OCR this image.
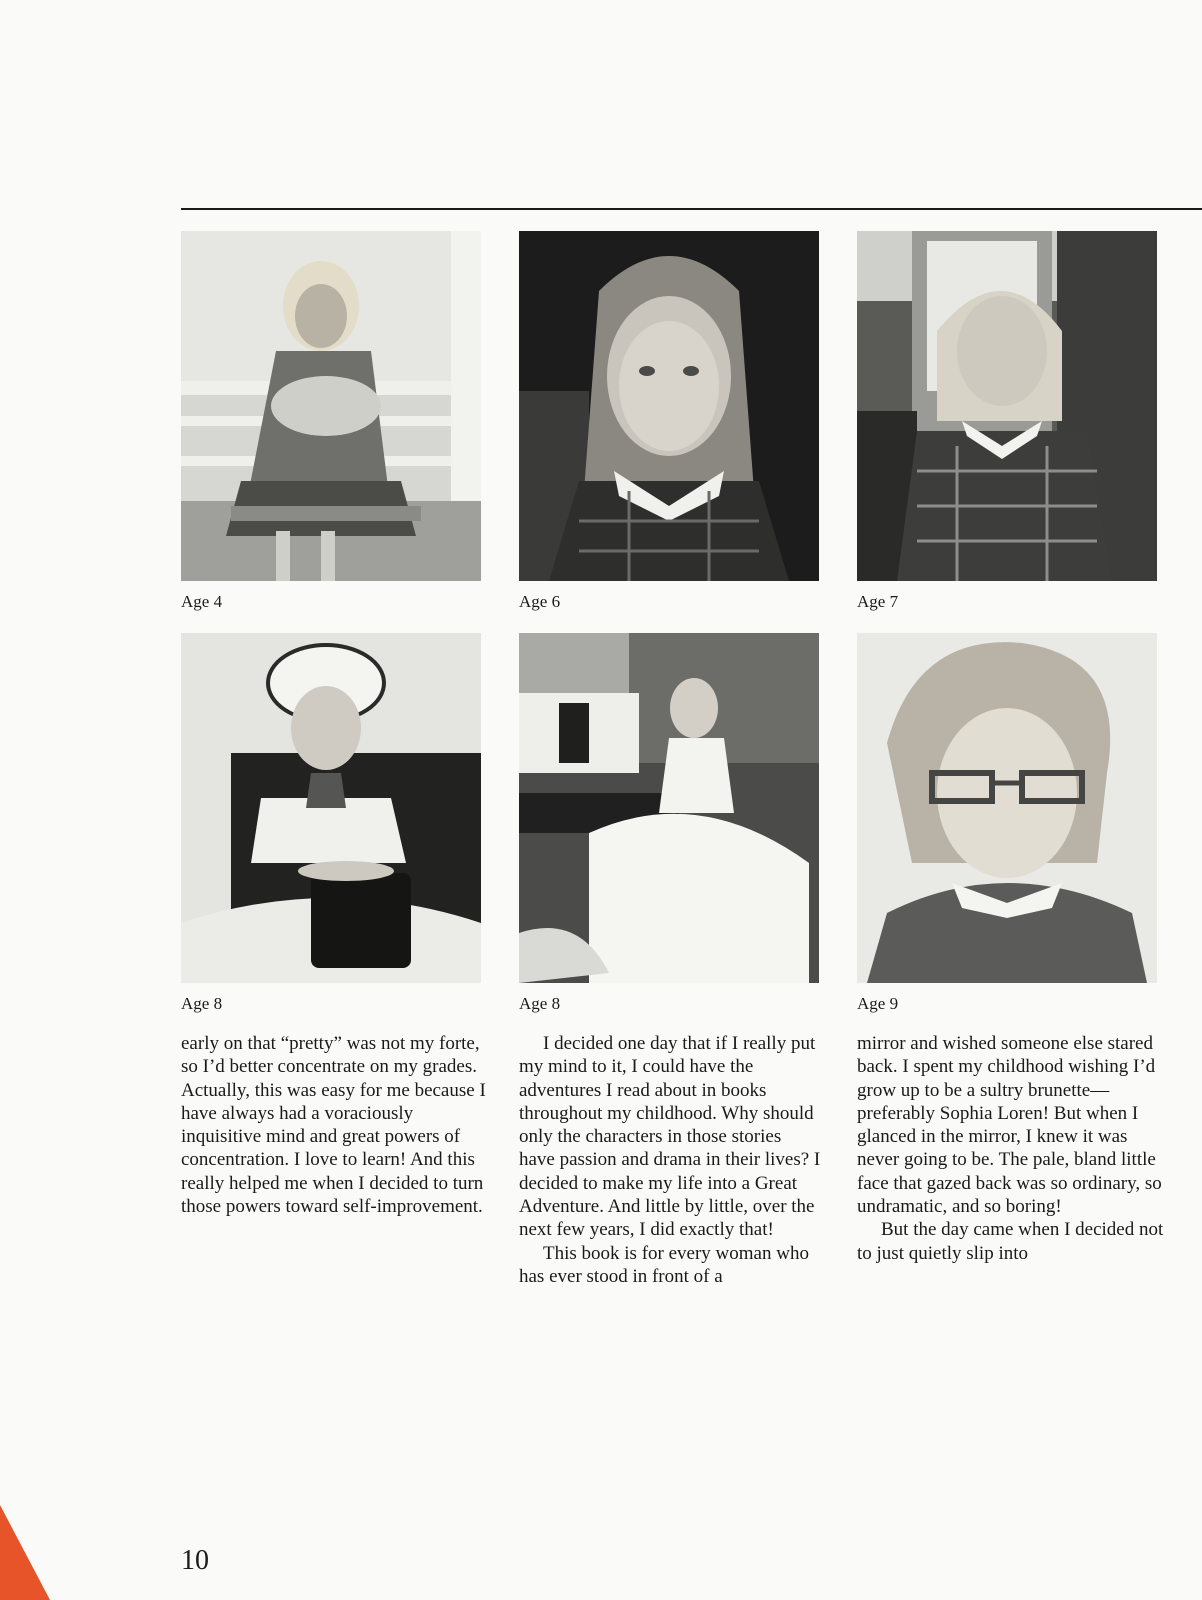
Age 4	Age 6	Age 7
Age 8	Age 8	Age 9

early on that “pretty” was not my forte, so I’d better concentrate on my grades. Actually, this was easy for me because I have always had a voraciously inquisitive mind and great powers of concentration. I love to learn! And this really helped me when I decided to turn those powers toward self-improvement.

I decided one day that if I really put my mind to it, I could have the adventures I read about in books throughout my childhood. Why should only the characters in those stories have passion and drama in their lives? I decided to make my life into a Great Adventure. And little by little, over the next few years, I did exactly that!

This book is for every woman who has ever stood in front of a

mirror and wished someone else stared back. I spent my childhood wishing I’d grow up to be a sultry brunette—preferably Sophia Loren! But when I glanced in the mirror, I knew it was never going to be. The pale, bland little face that gazed back was so ordinary, so undramatic, and so boring!

But the day came when I decided not to just quietly slip into

10
